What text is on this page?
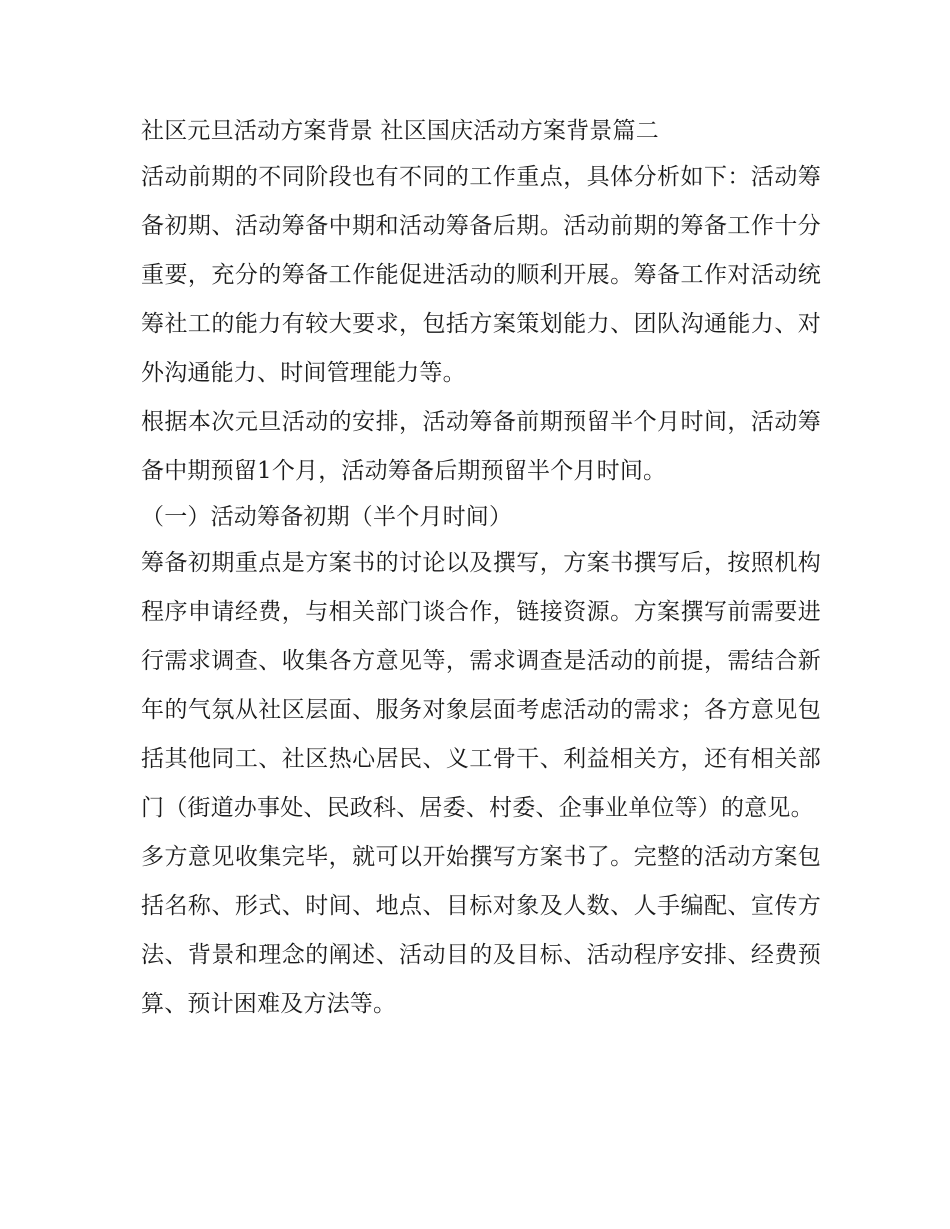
社区元旦活动方案背景 社区国庆活动方案背景篇二

活动前期的不同阶段也有不同的工作重点，具体分析如下：活动筹备初期、活动筹备中期和活动筹备后期。活动前期的筹备工作十分重要，充分的筹备工作能促进活动的顺利开展。筹备工作对活动统筹社工的能力有较大要求，包括方案策划能力、团队沟通能力、对外沟通能力、时间管理能力等。

根据本次元旦活动的安排，活动筹备前期预留半个月时间，活动筹备中期预留1个月，活动筹备后期预留半个月时间。

（一）活动筹备初期（半个月时间）

筹备初期重点是方案书的讨论以及撰写，方案书撰写后，按照机构程序申请经费，与相关部门谈合作，链接资源。方案撰写前需要进行需求调查、收集各方意见等，需求调查是活动的前提，需结合新年的气氛从社区层面、服务对象层面考虑活动的需求；各方意见包括其他同工、社区热心居民、义工骨干、利益相关方，还有相关部门（街道办事处、民政科、居委、村委、企事业单位等）的意见。

多方意见收集完毕，就可以开始撰写方案书了。完整的活动方案包括名称、形式、时间、地点、目标对象及人数、人手编配、宣传方法、背景和理念的阐述、活动目的及目标、活动程序安排、经费预算、预计困难及方法等。
